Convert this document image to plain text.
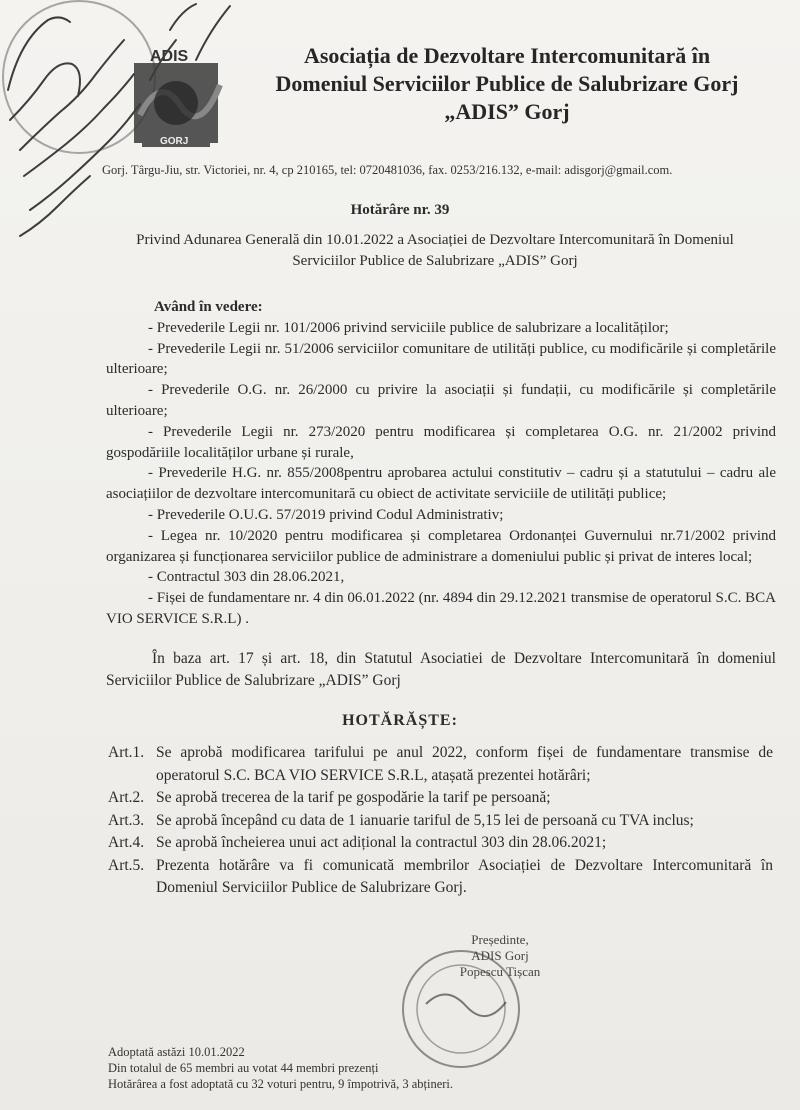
ADIS
GORJ
Asociația de Dezvoltare Intercomunitară în
Domeniul Serviciilor Publice de Salubrizare Gorj
„ADIS” Gorj
Gorj. Târgu-Jiu, str. Victoriei, nr. 4, cp 210165, tel: 0720481036, fax. 0253/216.132, e-mail: adisgorj@gmail.com.
Hotărâre nr. 39
Privind Adunarea Generală din 10.01.2022 a Asociației de Dezvoltare Intercomunitară în Domeniul Serviciilor Publice de Salubrizare „ADIS” Gorj
Având în vedere:
- Prevederile Legii nr. 101/2006 privind serviciile publice de salubrizare a localităților;
- Prevederile Legii nr. 51/2006 serviciilor comunitare de utilități publice, cu modificările și completările ulterioare;
- Prevederile O.G. nr. 26/2000 cu privire la asociații și fundații, cu modificările și completările ulterioare;
- Prevederile Legii nr. 273/2020 pentru modificarea și completarea O.G. nr. 21/2002 privind gospodăriile localităților urbane și rurale,
- Prevederile H.G. nr. 855/2008pentru aprobarea actului constitutiv – cadru și a statutului – cadru ale asociațiilor de dezvoltare intercomunitară cu obiect de activitate serviciile de utilități publice;
- Prevederile O.U.G. 57/2019 privind Codul Administrativ;
- Legea nr. 10/2020 pentru modificarea și completarea Ordonanței Guvernului nr.71/2002 privind organizarea și funcționarea serviciilor publice de administrare a domeniului public și privat de interes local;
- Contractul 303 din 28.06.2021,
- Fișei de fundamentare nr. 4 din 06.01.2022 (nr. 4894 din 29.12.2021 transmise de operatorul S.C. BCA VIO SERVICE S.R.L) .
În baza art. 17 și art. 18, din Statutul Asociatiei de Dezvoltare Intercomunitară în domeniul Serviciilor Publice de Salubrizare „ADIS” Gorj
HOTĂRĂȘTE:
Art.1. Se aprobă modificarea tarifului pe anul 2022, conform fișei de fundamentare transmise de operatorul S.C. BCA VIO SERVICE S.R.L, atașată prezentei hotărâri;
Art.2. Se aprobă trecerea de la tarif pe gospodărie la tarif pe persoană;
Art.3. Se aprobă începând cu data de 1 ianuarie tariful de 5,15 lei de persoană cu TVA inclus;
Art.4. Se aprobă încheierea unui act adițional la contractul 303 din 28.06.2021;
Art.5. Prezenta hotărâre va fi comunicată membrilor Asociației de Dezvoltare Intercomunitară în Domeniul Serviciilor Publice de Salubrizare Gorj.
Președinte,
ADIS Gorj
Popescu Tișcan
Adoptată astăzi 10.01.2022
Din totalul de 65 membri au votat 44 membri prezenți
Hotărârea a fost adoptată cu 32 voturi pentru, 9 împotrivă, 3 abțineri.
